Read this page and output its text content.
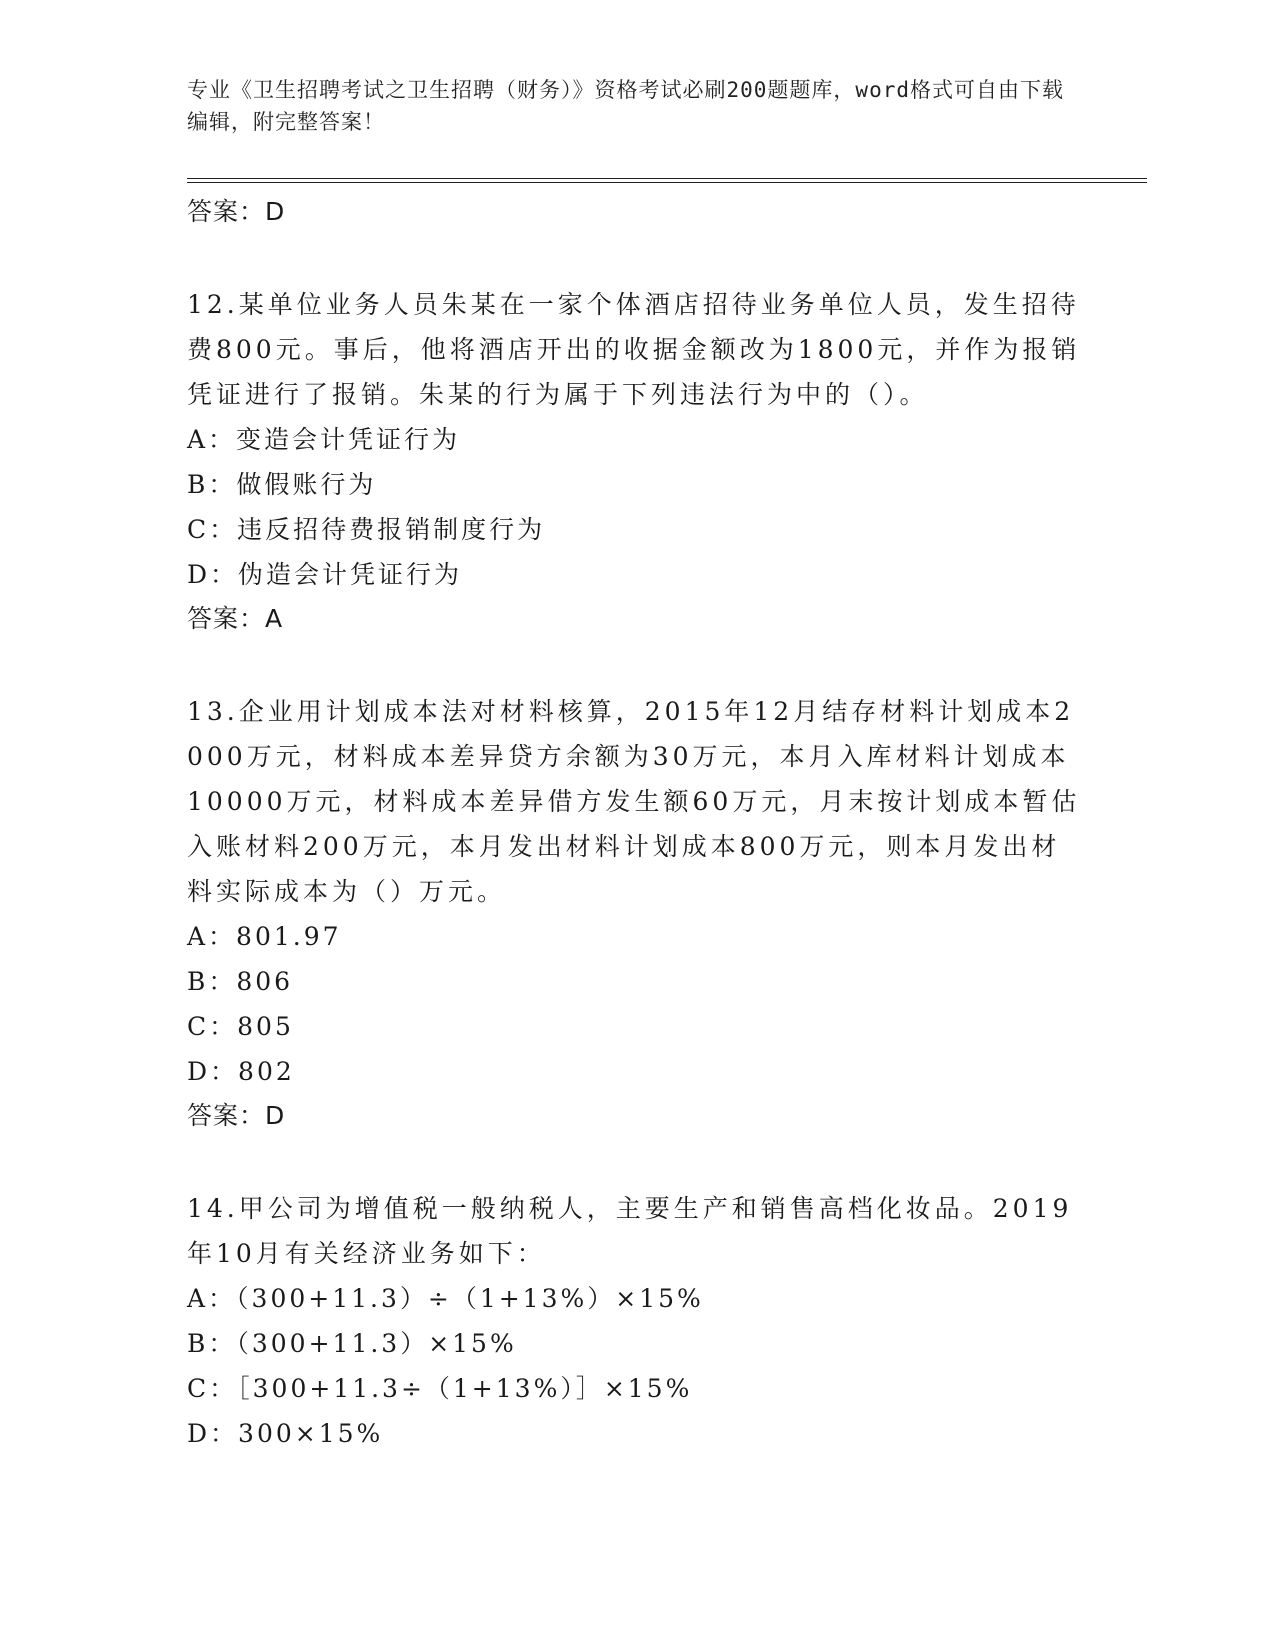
专业《卫生招聘考试之卫生招聘（财务）》资格考试必刷200题题库，word格式可自由下载编辑，附完整答案！

答案：D

12.某单位业务人员朱某在一家个体酒店招待业务单位人员，发生招待费800元。事后，他将酒店开出的收据金额改为1800元，并作为报销凭证进行了报销。朱某的行为属于下列违法行为中的（）。

A：变造会计凭证行为

B：做假账行为

C：违反招待费报销制度行为

D：伪造会计凭证行为

答案：A

13.企业用计划成本法对材料核算，2015年12月结存材料计划成本2000万元，材料成本差异贷方余额为30万元，本月入库材料计划成本10000万元，材料成本差异借方发生额60万元，月末按计划成本暂估入账材料200万元，本月发出材料计划成本800万元，则本月发出材料实际成本为（）万元。

A：801.97

B：806

C：805

D：802

答案：D

14.甲公司为增值税一般纳税人，主要生产和销售高档化妆品。2019年10月有关经济业务如下：

A：（300+11.3）÷（1+13%）×15%

B：（300+11.3）×15%

C：［300+11.3÷（1+13%）］×15%

D：300×15%
